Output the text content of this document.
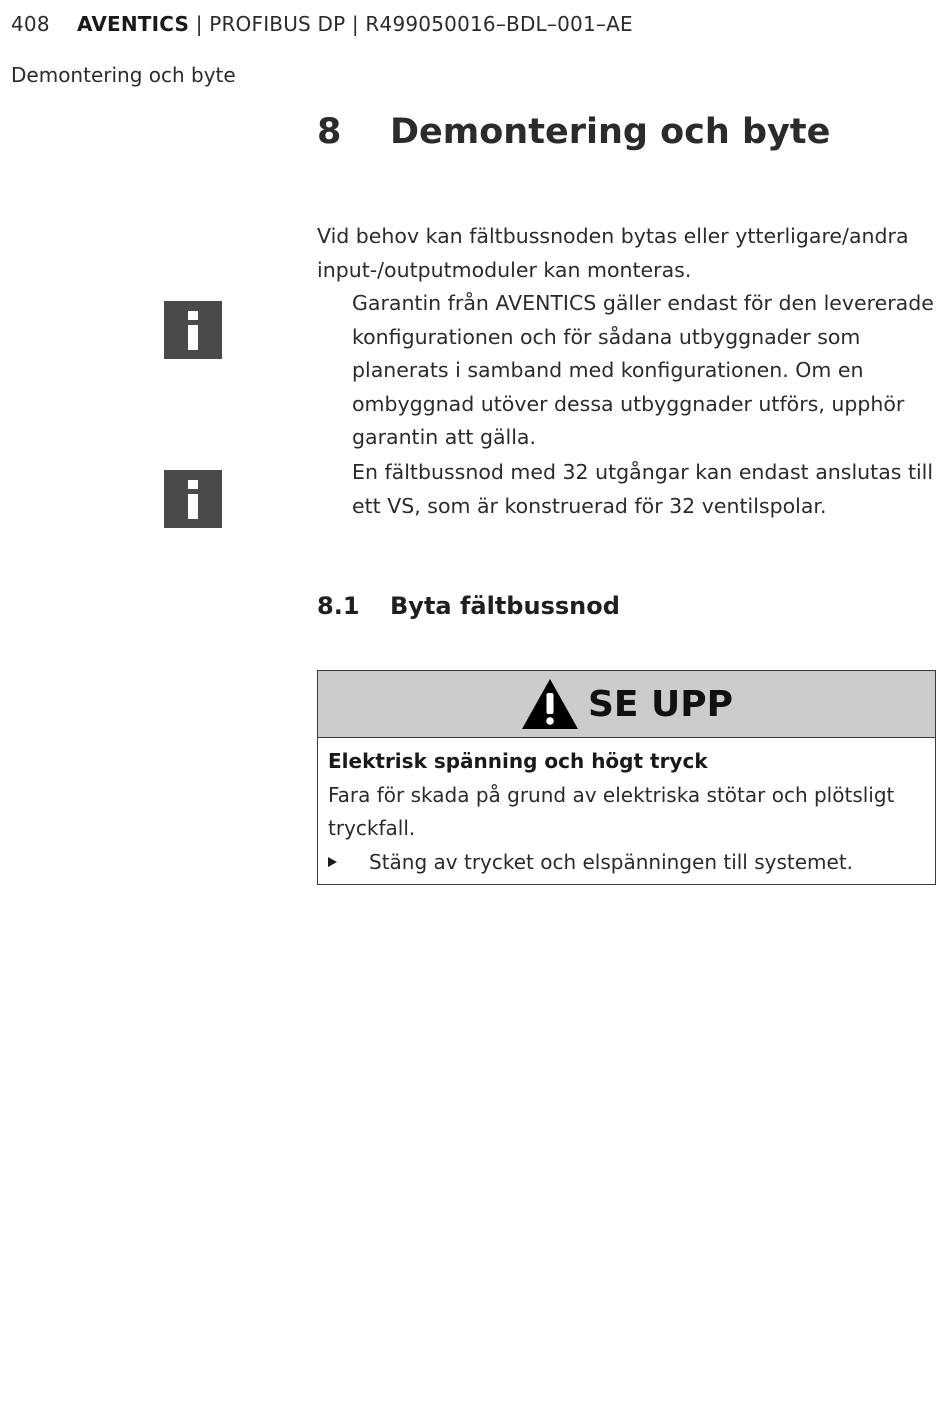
408 AVENTICS | PROFIBUS DP | R499050016–BDL–001–AE
Demontering och byte
8 Demontering och byte
Vid behov kan fältbussnoden bytas eller ytterligare/andra input-/outputmoduler kan monteras.
Garantin från AVENTICS gäller endast för den levererade konfigurationen och för sådana utbyggnader som planerats i samband med konfigurationen. Om en ombyggnad utöver dessa utbyggnader utförs, upphör garantin att gälla.
En fältbussnod med 32 utgångar kan endast anslutas till ett VS, som är konstruerad för 32 ventilspolar.
8.1 Byta fältbussnod
SE UPP
Elektrisk spänning och högt tryck
Fara för skada på grund av elektriska stötar och plötsligt tryckfall.
Stäng av trycket och elspänningen till systemet.
